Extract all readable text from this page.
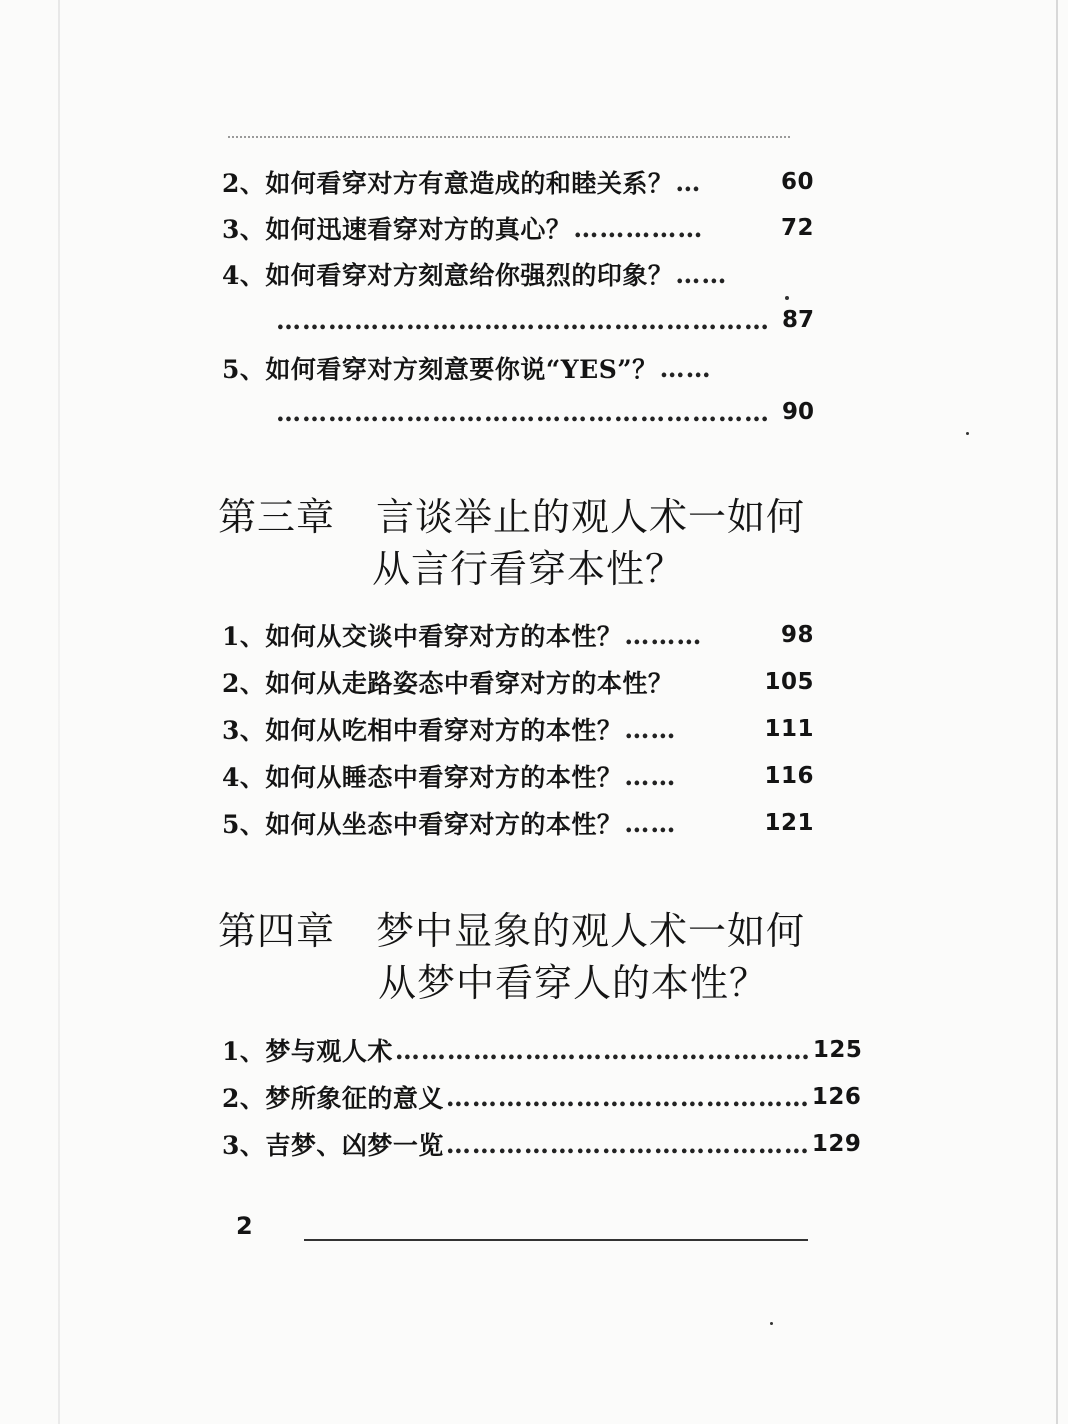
2、 如何看穿对方有意造成的和睦关系？ …	60
3、 如何迅速看穿对方的真心？ ……………	72
4、 如何看穿对方刻意给你强烈的印象？ ……
………………………………………………… 87
5、 如何看穿对方刻意要你说“YES”？ ……
………………………………………………… 90
第三章 言谈举止的观人术一如何
从言行看穿本性？
1、 如何从交谈中看穿对方的本性？ ………	98
2、 如何从走路姿态中看穿对方的本性？	105
3、 如何从吃相中看穿对方的本性？ ……	111
4、 如何从睡态中看穿对方的本性？ ……	116
5、 如何从坐态中看穿对方的本性？ ……	121
第四章 梦中显象的观人术一如何
从梦中看穿人的本性？
1、 梦与观人术 ………………………………………… 125
2、 梦所象征的意义 …………………………………… 126
3、 吉梦、凶梦一览 …………………………………… 129
2
